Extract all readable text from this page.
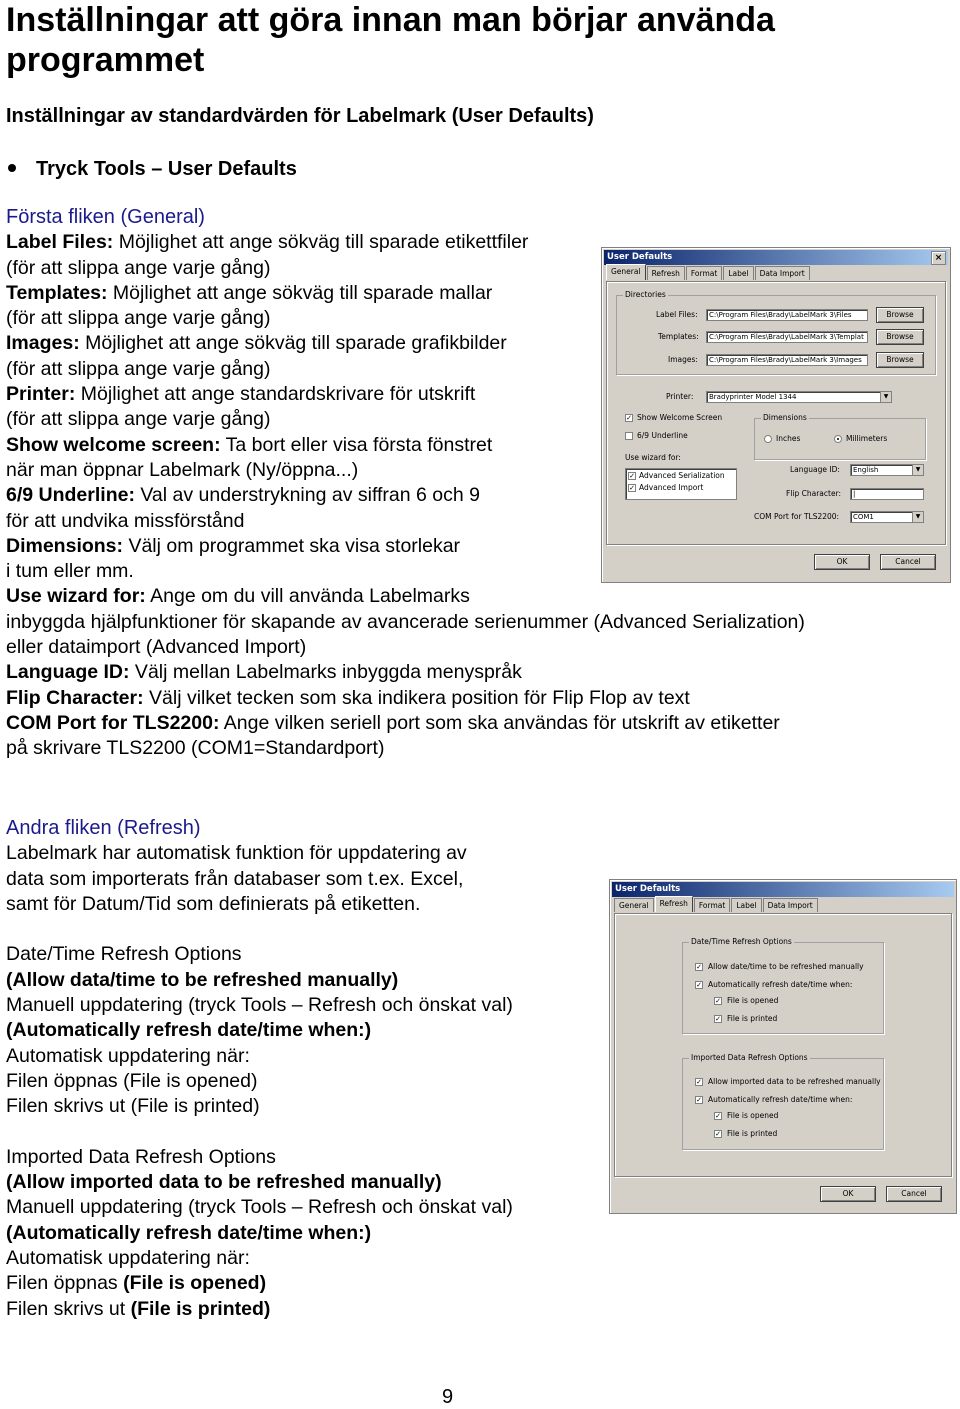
Inställningar att göra innan man börjar använda programmet
Inställningar av standardvärden för Labelmark (User Defaults)
Tryck Tools – User Defaults

Första fliken (General)

Label Files: Möjlighet att ange sökväg till sparade etikettfiler

(för att slippa ange varje gång)

Templates: Möjlighet att ange sökväg till sparade mallar

(för att slippa ange varje gång)

Images: Möjlighet att ange sökväg till sparade grafikbilder

(för att slippa ange varje gång)

Printer: Möjlighet att ange standardskrivare för utskrift

(för att slippa ange varje gång)

Show welcome screen: Ta bort eller visa första fönstret

när man öppnar Labelmark (Ny/öppna...)

6/9 Underline: Val av understrykning av siffran 6 och 9

för att undvika missförstånd

Dimensions: Välj om programmet ska visa storlekar

i tum eller mm.

Use wizard for: Ange om du vill använda Labelmarks

inbyggda hjälpfunktioner för skapande av avancerade serienummer (Advanced Serialization)

eller dataimport (Advanced Import)

Language ID: Välj mellan Labelmarks inbyggda menyspråk

Flip Character: Välj vilket tecken som ska indikera position för Flip Flop av text

COM Port for TLS2200: Ange vilken seriell port som ska användas för utskrift av etiketter

på skrivare TLS2200 (COM1=Standardport)

Andra fliken (Refresh)

Labelmark har automatisk funktion för uppdatering av

data som importerats från databaser som t.ex. Excel,

samt för Datum/Tid som definierats på etiketten.

Date/Time Refresh Options

(Allow data/time to be refreshed manually)

Manuell uppdatering (tryck Tools – Refresh och önskat val)

(Automatically refresh date/time when:)

Automatisk uppdatering när:

Filen öppnas (File is opened)

Filen skrivs ut (File is printed)

Imported Data Refresh Options

(Allow imported data to be refreshed manually)

Manuell uppdatering (tryck Tools – Refresh och önskat val)

(Automatically refresh date/time when:)

Automatisk uppdatering när:

Filen öppnas (File is opened)

Filen skrivs ut (File is printed)

9
User Defaults	×
General	Refresh	Format	Label	Data Import
Directories
Label Files:	C:\Program Files\Brady\LabelMark 3\Files	Browse
Templates:	C:\Program Files\Brady\LabelMark 3\Templat	Browse
Images:	C:\Program Files\Brady\LabelMark 3\Images	Browse
Printer:	Bradyprinter Model 1344	▼
✓ Show Welcome Screen
6/9 Underline
Dimensions
Inches	Millimeters
Use wizard for:
✓ Advanced Serialization
✓ Advanced Import
Language ID:	English	▼
Flip Character:	|
COM Port for TLS2200:	COM1	▼
OK	Cancel
User Defaults
General	Refresh	Format	Label	Data Import
Date/Time Refresh Options
✓ Allow date/time to be refreshed manually
✓ Automatically refresh date/time when:
✓ File is opened
✓ File is printed
Imported Data Refresh Options
✓ Allow imported data to be refreshed manually
✓ Automatically refresh date/time when:
✓ File is opened
✓ File is printed
OK	Cancel
